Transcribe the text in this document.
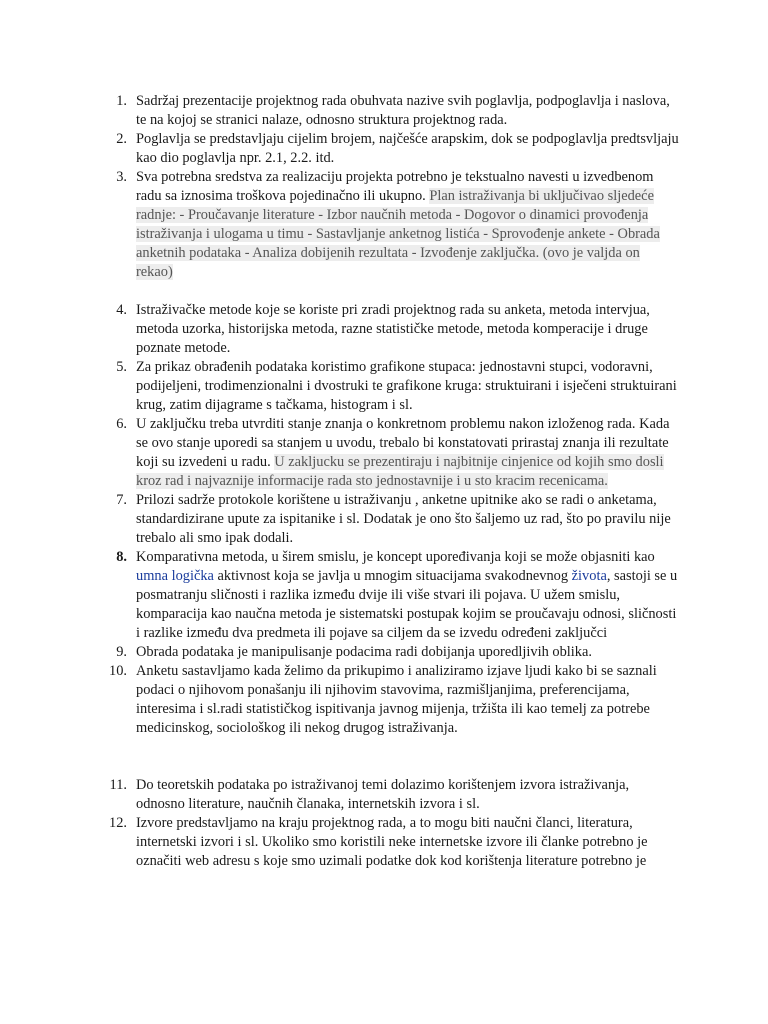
1. Sadržaj prezentacije projektnog rada obuhvata nazive svih poglavlja, podpoglavlja i naslova, te na kojoj se stranici nalaze, odnosno struktura projektnog rada.
2. Poglavlja se predstavljaju cijelim brojem, najčešće arapskim, dok se podpoglavlja predtsvljaju kao dio poglavlja npr. 2.1, 2.2. itd.
3. Sva potrebna sredstva za realizaciju projekta potrebno je tekstualno navesti u izvedbenom radu sa iznosima troškova pojedinačno ili ukupno. Plan istraživanja bi uključivao sljedeće radnje: - Proučavanje literature - Izbor naučnih metoda - Dogovor o dinamici provođenja istraživanja i ulogama u timu - Sastavljanje anketnog listića - Sprovođenje ankete - Obrada anketnih podataka - Analiza dobijenih rezultata - Izvođenje zaključka. (ovo je valjda on rekao)
4. Istraživačke metode koje se koriste pri zradi projektnog rada su anketa, metoda intervjua, metoda uzorka, historijska metoda, razne statističke metode, metoda komperacije i druge poznate metode.
5. Za prikaz obrađenih podataka koristimo grafikone stupaca: jednostavni stupci, vodoravni, podijeljeni, trodimenzionalni i dvostruki te grafikone kruga: struktuirani i isječeni struktuirani krug, zatim dijagrame s tačkama, histogram i sl.
6. U zaključku treba utvrditi stanje znanja o konkretnom problemu nakon izloženog rada. Kada se ovo stanje uporedi sa stanjem u uvodu, trebalo bi konstatovati prirastaj znanja ili rezultate koji su izvedeni u radu. U zakljucku se prezentiraju i najbitnije cinjenice od kojih smo dosli kroz rad i najvaznije informacije rada sto jednostavnije i u sto kracim recenicama.
7. Prilozi sadrže protokole korištene u istraživanju , anketne upitnike ako se radi o anketama, standardizirane upute za ispitanike i sl. Dodatak je ono što šaljemo uz rad, što po pravilu nije trebalo ali smo ipak dodali.
8. Komparativna metoda, u širem smislu, je koncept upoređivanja koji se može objasniti kao umna logička aktivnost koja se javlja u mnogim situacijama svakodnevnog života, sastoji se u posmatranju sličnosti i razlika između dvije ili više stvari ili pojava. U užem smislu, komparacija kao naučna metoda je sistematski postupak kojim se proučavaju odnosi, sličnosti i razlike između dva predmeta ili pojave sa ciljem da se izvedu određeni zaključci
9. Obrada podataka je manipulisanje podacima radi dobijanja uporedljivih oblika.
10. Anketu sastavljamo kada želimo da prikupimo i analiziramo izjave ljudi kako bi se saznali podaci o njihovom ponašanju ili njihovim stavovima, razmišljanjima, preferencijama, interesima i sl.radi statističkog ispitivanja javnog mijenja, tržišta ili kao temelj za potrebe medicinskog, sociološkog ili nekog drugog istraživanja.
11. Do teoretskih podataka po istraživanoj temi dolazimo korištenjem izvora istraživanja, odnosno literature, naučnih članaka, internetskih izvora i sl.
12. Izvore predstavljamo na kraju projektnog rada, a to mogu biti naučni članci, literatura, internetski izvori i sl. Ukoliko smo koristili neke internetske izvore ili članke potrebno je označiti web adresu s koje smo uzimali podatke dok kod korištenja literature potrebno je
